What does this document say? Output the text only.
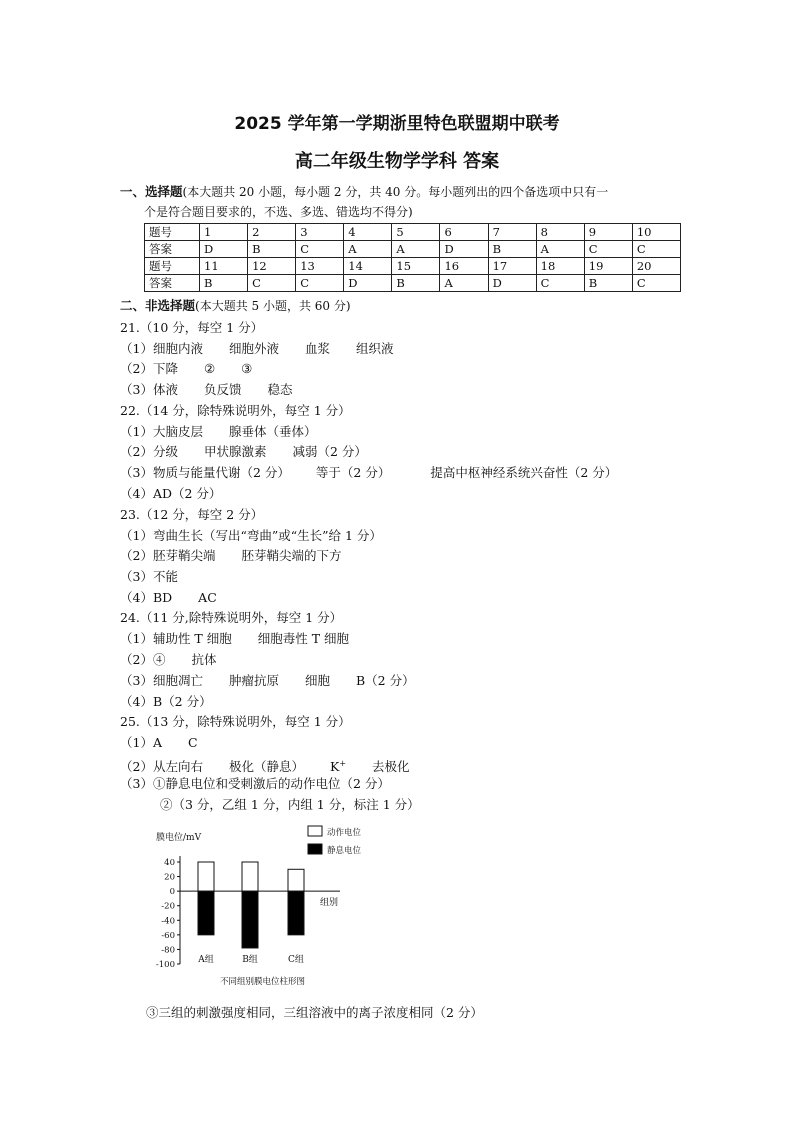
2025 学年第一学期浙里特色联盟期中联考
高二年级生物学学科 答案
一、选择题(本大题共 20 小题，每小题 2 分，共 40 分。每小题列出的四个备选项中只有一
个是符合题目要求的，不选、多选、错选均不得分)
题号	1	2	3	4	5	6	7	8	9	10
答案	D	B	C	A	A	D	B	A	C	C
题号	11	12	13	14	15	16	17	18	19	20
答案	B	C	C	D	B	A	D	C	B	C
二、非选择题(本大题共 5 小题，共 60 分)
21.（10 分，每空 1 分）
（1）细胞内液 细胞外液 血浆 组织液
（2）下降 ② ③
（3）体液 负反馈 稳态
22.（14 分，除特殊说明外，每空 1 分）
（1）大脑皮层 腺垂体（垂体）
（2）分级 甲状腺激素 减弱（2 分）
（3）物质与能量代谢（2 分） 等于（2 分）	提高中枢神经系统兴奋性（2 分）
（4）AD（2 分）
23.（12 分，每空 2 分）
（1）弯曲生长（写出“弯曲”或“生长”给 1 分）
（2）胚芽鞘尖端 胚芽鞘尖端的下方
（3）不能
（4）BD AC
24.（11 分,除特殊说明外，每空 1 分）
（1）辅助性 T 细胞 细胞毒性 T 细胞
（2）④ 抗体
（3）细胞凋亡 肿瘤抗原 细胞 B（2 分）
（4）B（2 分）
25.（13 分，除特殊说明外，每空 1 分）
（1）A C
（2）从左向右 极化（静息） K+ 去极化
（3）①静息电位和受刺激后的动作电位（2 分）
②（3 分，乙组 1 分，内组 1 分，标注 1 分）
膜电位/mV
40
20
0
-20
-40
-60
-80
-100
组别
A组	B组	C组
动作电位
静息电位
不同组别膜电位柱形图
③三组的刺激强度相同，三组溶液中的离子浓度相同（2 分）
